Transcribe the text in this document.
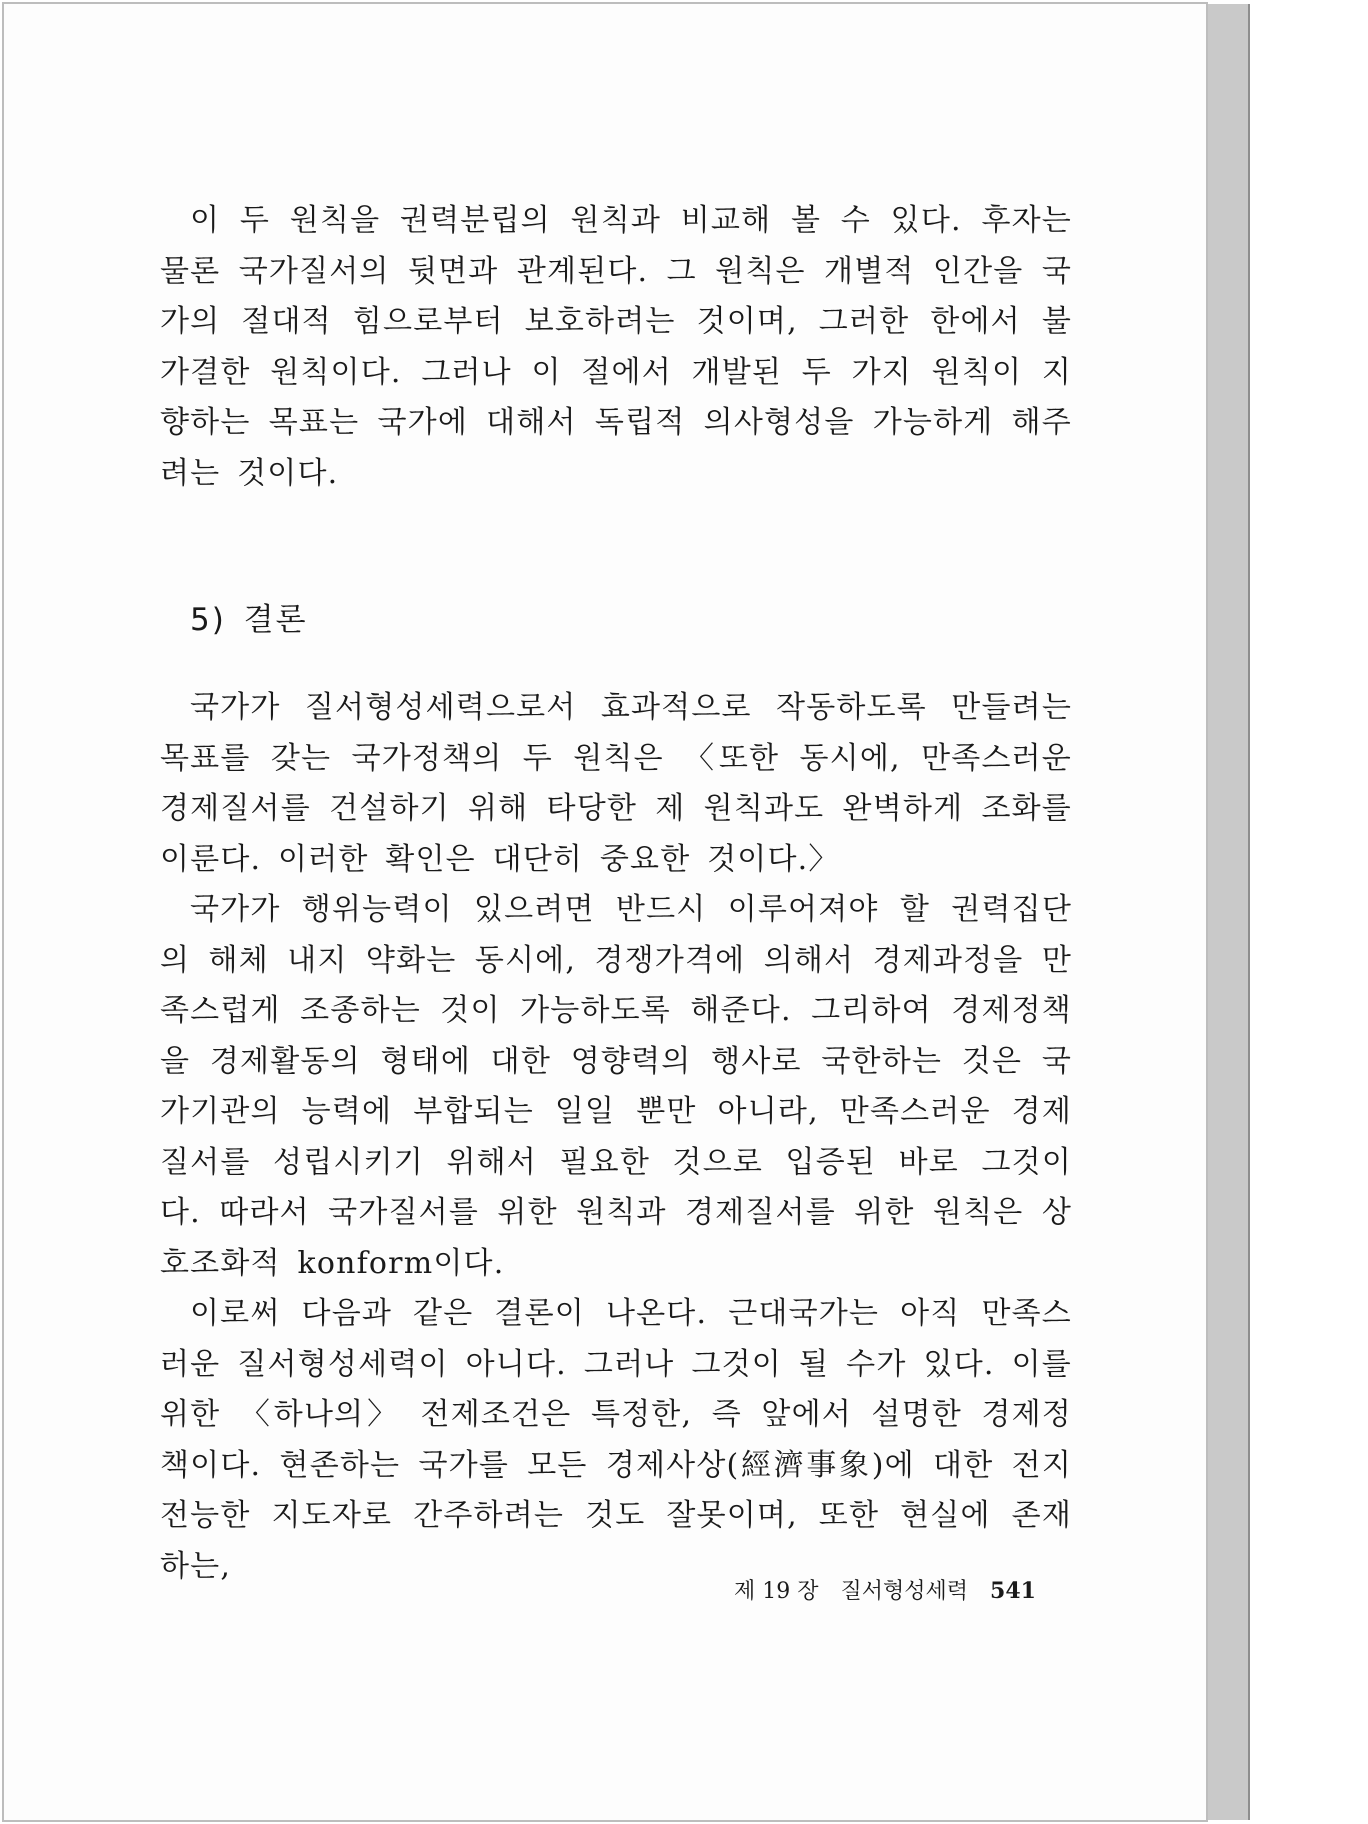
이 두 원칙을 권력분립의 원칙과 비교해 볼 수 있다. 후자는 물론 국가질서의 뒷면과 관계된다. 그 원칙은 개별적 인간을 국가의 절대적 힘으로부터 보호하려는 것이며, 그러한 한에서 불가결한 원칙이다. 그러나 이 절에서 개발된 두 가지 원칙이 지향하는 목표는 국가에 대해서 독립적 의사형성을 가능하게 해주려는 것이다.

5) 결론

국가가 질서형성세력으로서 효과적으로 작동하도록 만들려는 목표를 갖는 국가정책의 두 원칙은 〈또한 동시에, 만족스러운 경제질서를 건설하기 위해 타당한 제 원칙과도 완벽하게 조화를 이룬다. 이러한 확인은 대단히 중요한 것이다.〉

국가가 행위능력이 있으려면 반드시 이루어져야 할 권력집단의 해체 내지 약화는 동시에, 경쟁가격에 의해서 경제과정을 만족스럽게 조종하는 것이 가능하도록 해준다. 그리하여 경제정책을 경제활동의 형태에 대한 영향력의 행사로 국한하는 것은 국가기관의 능력에 부합되는 일일 뿐만 아니라, 만족스러운 경제질서를 성립시키기 위해서 필요한 것으로 입증된 바로 그것이다. 따라서 국가질서를 위한 원칙과 경제질서를 위한 원칙은 상호조화적 konform이다.

이로써 다음과 같은 결론이 나온다. 근대국가는 아직 만족스러운 질서형성세력이 아니다. 그러나 그것이 될 수가 있다. 이를 위한 〈하나의〉 전제조건은 특정한, 즉 앞에서 설명한 경제정책이다. 현존하는 국가를 모든 경제사상(經濟事象)에 대한 전지전능한 지도자로 간주하려는 것도 잘못이며, 또한 현실에 존재하는,

제 19 장 질서형성세력 541
